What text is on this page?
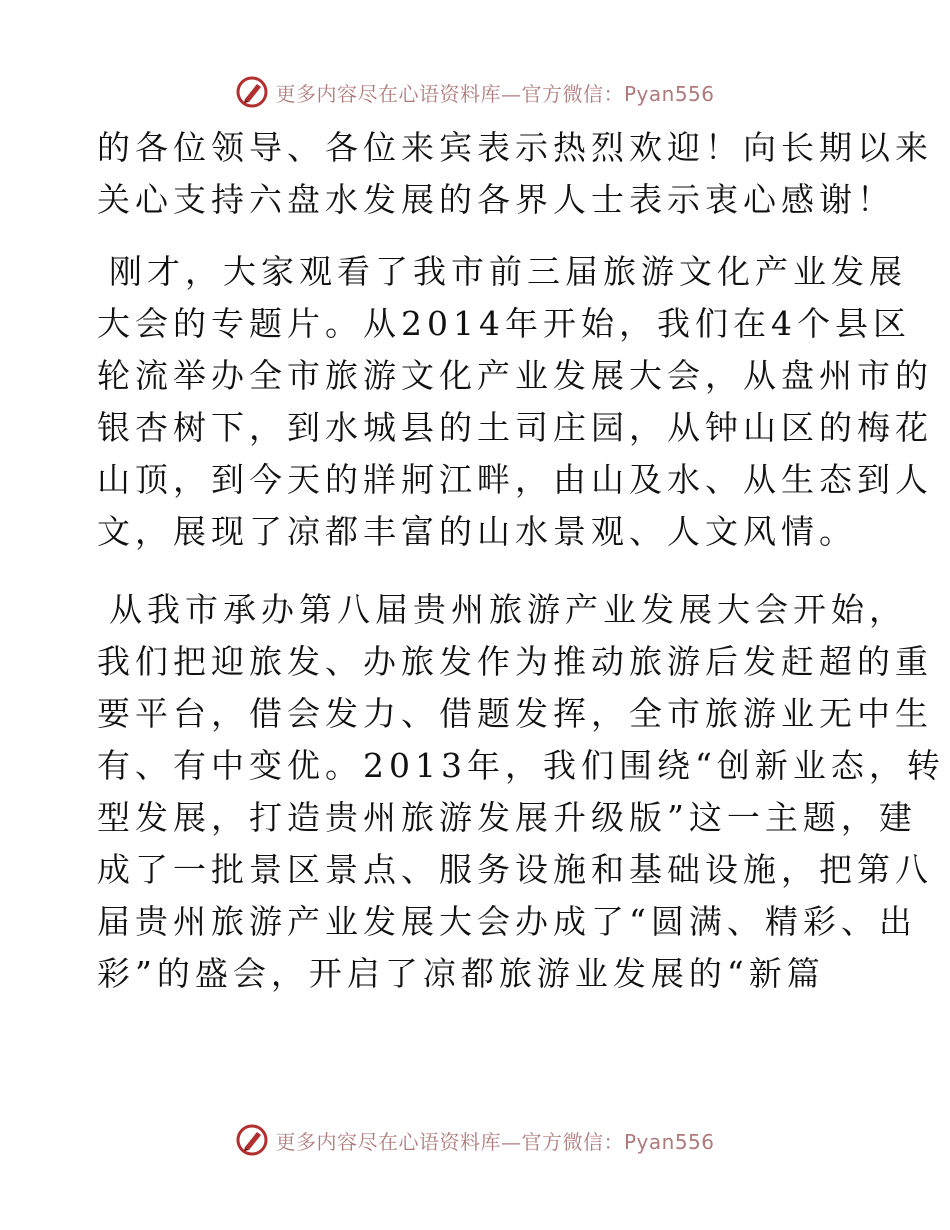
更多内容尽在心语资料库—官方微信：Pyan556
的各位领导、各位来宾表示热烈欢迎！向长期以来
关心支持六盘水发展的各界人士表示衷心感谢！
刚才，大家观看了我市前三届旅游文化产业发展
大会的专题片。从2014年开始，我们在4个县区
轮流举办全市旅游文化产业发展大会，从盘州市的
银杏树下，到水城县的土司庄园，从钟山区的梅花
山顶，到今天的牂牁江畔，由山及水、从生态到人
文，展现了凉都丰富的山水景观、人文风情。
从我市承办第八届贵州旅游产业发展大会开始，
我们把迎旅发、办旅发作为推动旅游后发赶超的重
要平台，借会发力、借题发挥，全市旅游业无中生
有、有中变优。2013年，我们围绕“创新业态，转
型发展，打造贵州旅游发展升级版”这一主题，建
成了一批景区景点、服务设施和基础设施，把第八
届贵州旅游产业发展大会办成了“圆满、精彩、出
彩”的盛会，开启了凉都旅游业发展的“新篇
更多内容尽在心语资料库—官方微信：Pyan556
